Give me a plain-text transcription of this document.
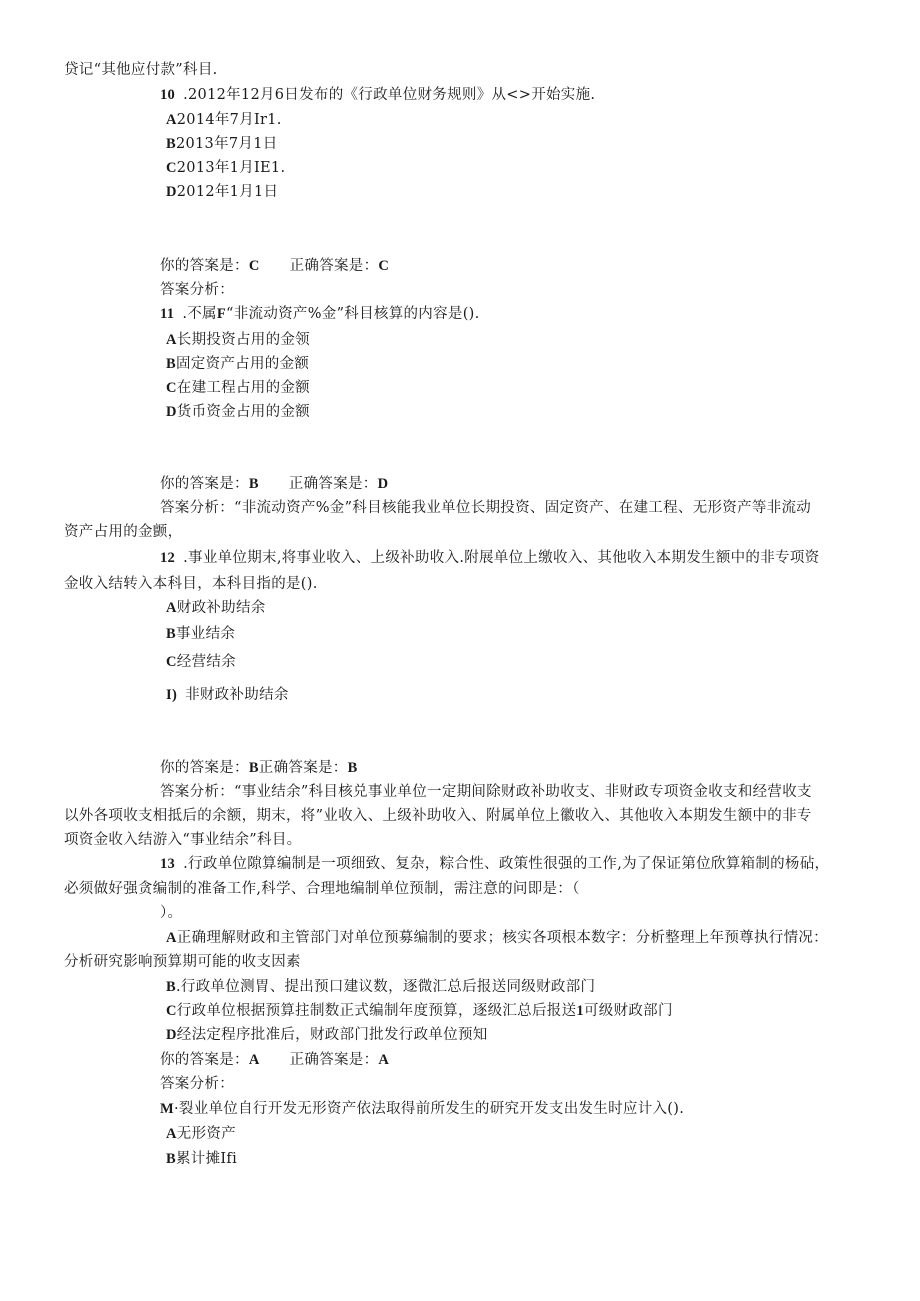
贷记“其他应付款”科目.
10 .2012年12月6日发布的《行政单位财务规则》从<>开始实施.
A2014年7月Ir1.
B2013年7月1日
C2013年1月IE1.
D2012年1月1日
你的答案是：C 正确答案是：C
答案分析：
11 .不属F“非流动资产%金”科目核算的内容是().
A长期投资占用的金领
B固定资产占用的金额
C在建工程占用的金额
D货币资金占用的金额
你的答案是：B 正确答案是：D
答案分析：“非流动资产%金”科目核能我业单位长期投资、固定资产、在建工程、无形资产等非流动
资产占用的金颤，
12 .事业单位期末,将事业收入、上级补助收入.附展单位上缴收入、其他收入本期发生额中的非专项资
金收入结转入本科目，本科目指的是().
A财政补助结余
B事业结余
C经营结余
I) 非财政补助结余
你的答案是：B正确答案是：B
答案分析：“事业结余”科目核兑事业单位一定期间除财政补助收支、非财政专项资金收支和经营收支
以外各项收支相抵后的余额，期末，将”业收入、上级补助收入、附属单位上徽收入、其他收入本期发生额中的非专
项资金收入结游入“事业结余”科目。
13 .行政单位隙算编制是一项细致、复杂，粽合性、政策性很强的工作,为了保证第位欣算箱制的杨砧，
必须做好强贪编制的准备工作,科学、合理地编制单位预制，需注意的问即是：（
）。
A正确理解财政和主管部门对单位预募编制的要求；核实各项根本数字：分析整理上年预尊执行情况：
分析研究影响预算期可能的收支因素
B.行政单位测胃、提出预口建议数，逐微汇总后报送同级财政部门
C行政单位根据预算拄制数正式编制年度预算，逐级汇总后报送1可级财政部门
D经法定程序批准后，财政部门批发行政单位预知
你的答案是：A 正确答案是：A
答案分析：
M·裂业单位自行开发无形资产依法取得前所发生的研究开发支出发生时应计入().
A无形资产
B累计摊Ifi
